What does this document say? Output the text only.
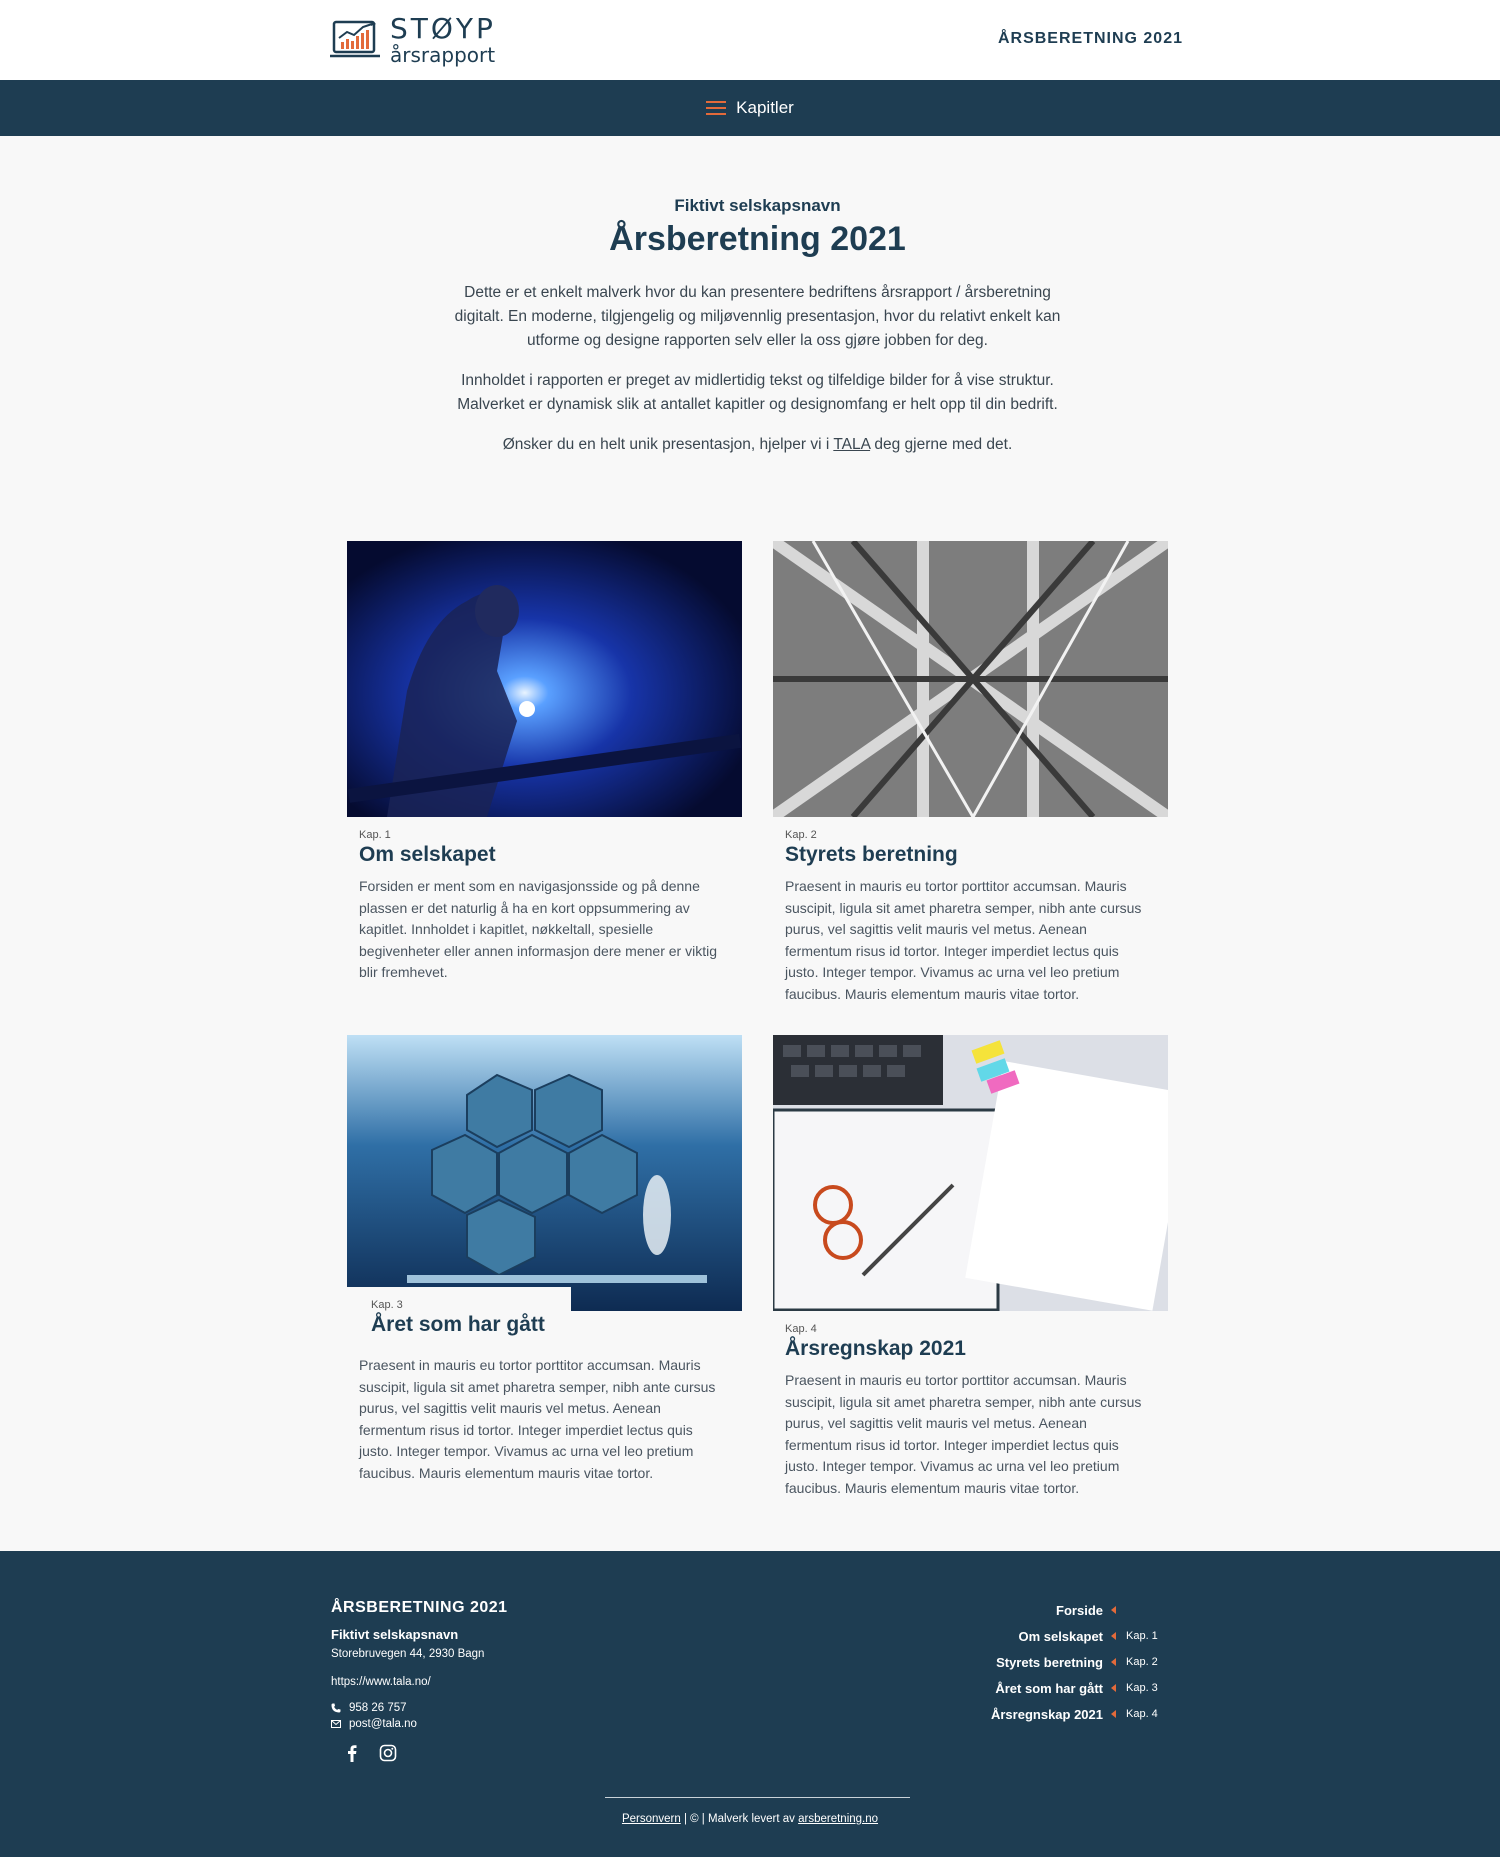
STØYP
årsrapport
ÅRSBERETNING 2021
Kapitler
Fiktivt selskapsnavn
Årsberetning 2021

Dette er et enkelt malverk hvor du kan presentere bedriftens årsrapport / årsberetning digitalt. En moderne, tilgjengelig og miljøvennlig presentasjon, hvor du relativt enkelt kan utforme og designe rapporten selv eller la oss gjøre jobben for deg.

Innholdet i rapporten er preget av midlertidig tekst og tilfeldige bilder for å vise struktur. Malverket er dynamisk slik at antallet kapitler og designomfang er helt opp til din bedrift.

Ønsker du en helt unik presentasjon, hjelper vi i TALA deg gjerne med det.

Kap. 1
Om selskapet
Forsiden er ment som en navigasjonsside og på denne plassen er det naturlig å ha en kort oppsummering av kapitlet. Innholdet i kapitlet, nøkkeltall, spesielle begivenheter eller annen informasjon dere mener er viktig blir fremhevet.
Kap. 2
Styrets beretning
Praesent in mauris eu tortor porttitor accumsan. Mauris suscipit, ligula sit amet pharetra semper, nibh ante cursus purus, vel sagittis velit mauris vel metus. Aenean fermentum risus id tortor. Integer imperdiet lectus quis justo. Integer tempor. Vivamus ac urna vel leo pretium faucibus. Mauris elementum mauris vitae tortor.
Kap. 3
Året som har gått
Praesent in mauris eu tortor porttitor accumsan. Mauris suscipit, ligula sit amet pharetra semper, nibh ante cursus purus, vel sagittis velit mauris vel metus. Aenean fermentum risus id tortor. Integer imperdiet lectus quis justo. Integer tempor. Vivamus ac urna vel leo pretium faucibus. Mauris elementum mauris vitae tortor.
Kap. 4
Årsregnskap 2021
Praesent in mauris eu tortor porttitor accumsan. Mauris suscipit, ligula sit amet pharetra semper, nibh ante cursus purus, vel sagittis velit mauris vel metus. Aenean fermentum risus id tortor. Integer imperdiet lectus quis justo. Integer tempor. Vivamus ac urna vel leo pretium faucibus. Mauris elementum mauris vitae tortor.
ÅRSBERETNING 2021
Fiktivt selskapsnavn
Storebruvegen 44, 2930 Bagn
https://www.tala.no/
958 26 757
post@tala.no
Forside
Om selskapet Kap. 1
Styrets beretning Kap. 2
Året som har gått Kap. 3
Årsregnskap 2021 Kap. 4
Personvern | © | Malverk levert av arsberetning.no
